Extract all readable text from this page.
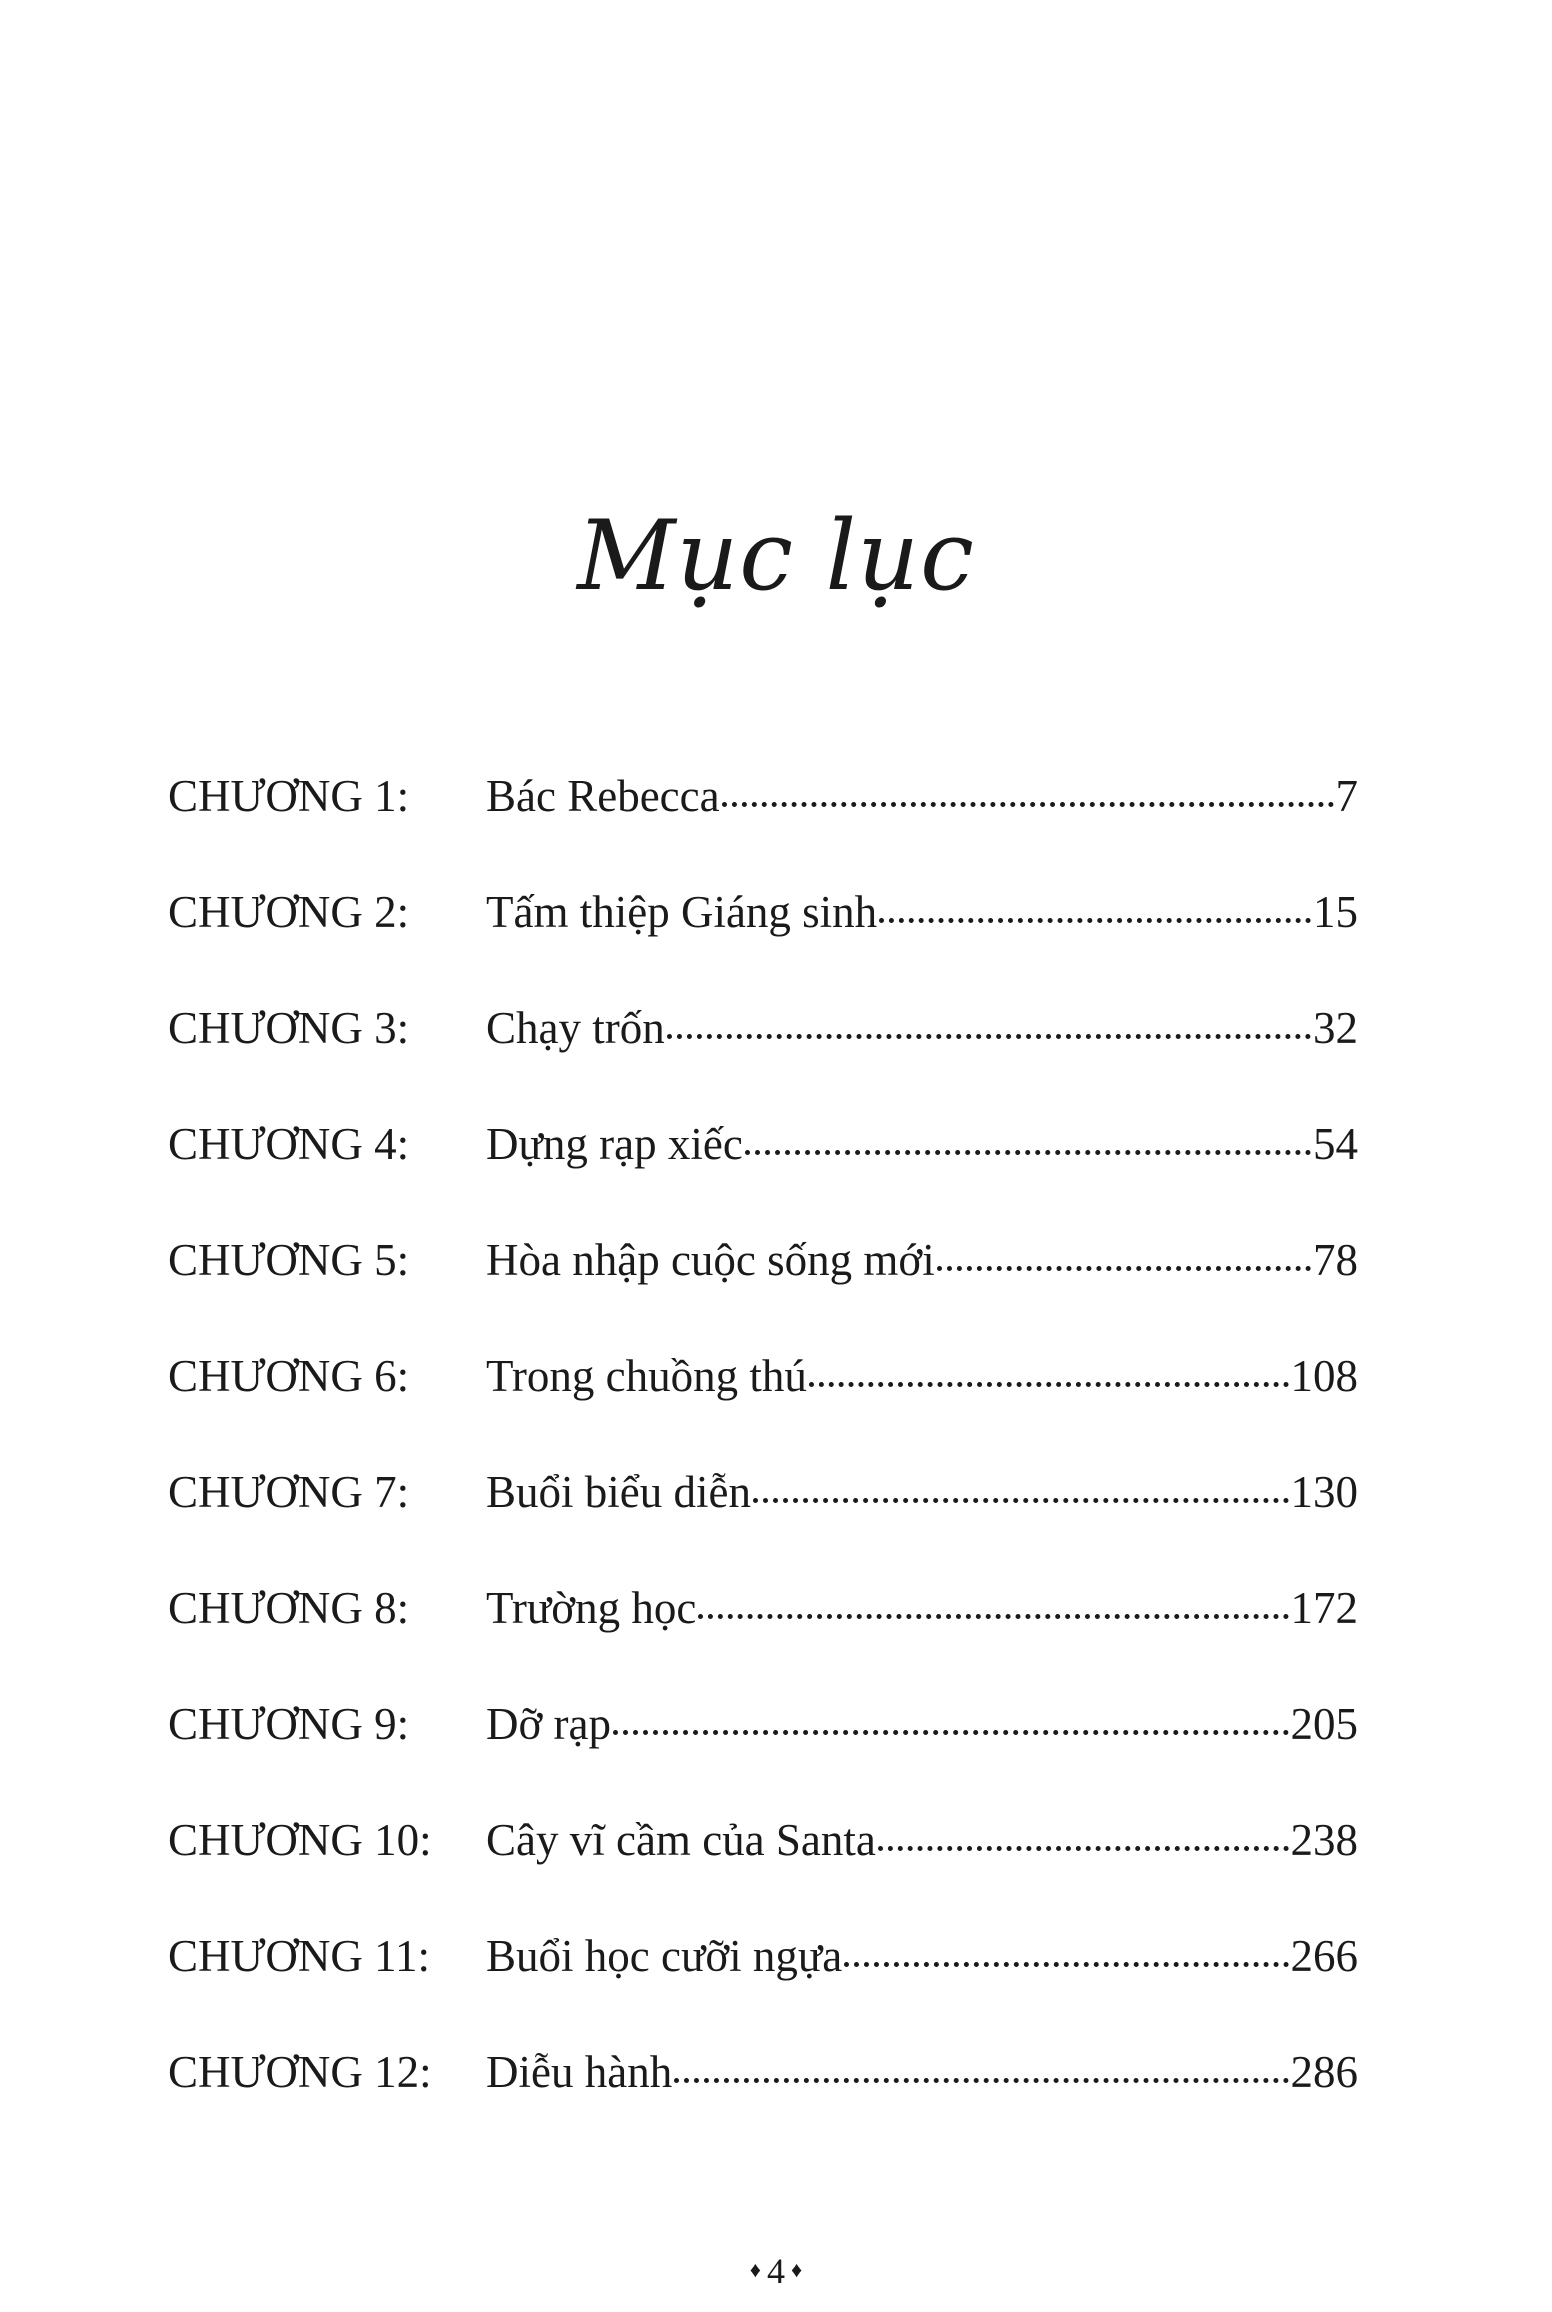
Mục lục
CHƯƠNG 1:	Bác Rebecca	7
CHƯƠNG 2:	Tấm thiệp Giáng sinh	15
CHƯƠNG 3:	Chạy trốn	32
CHƯƠNG 4:	Dựng rạp xiếc	54
CHƯƠNG 5:	Hòa nhập cuộc sống mới	78
CHƯƠNG 6:	Trong chuồng thú	108
CHƯƠNG 7:	Buổi biểu diễn	130
CHƯƠNG 8:	Trường học	172
CHƯƠNG 9:	Dỡ rạp	205
CHƯƠNG 10:	Cây vĩ cầm của Santa	238
CHƯƠNG 11:	Buổi học cưỡi ngựa	266
CHƯƠNG 12:	Diễu hành	286
♦ 4 ♦
